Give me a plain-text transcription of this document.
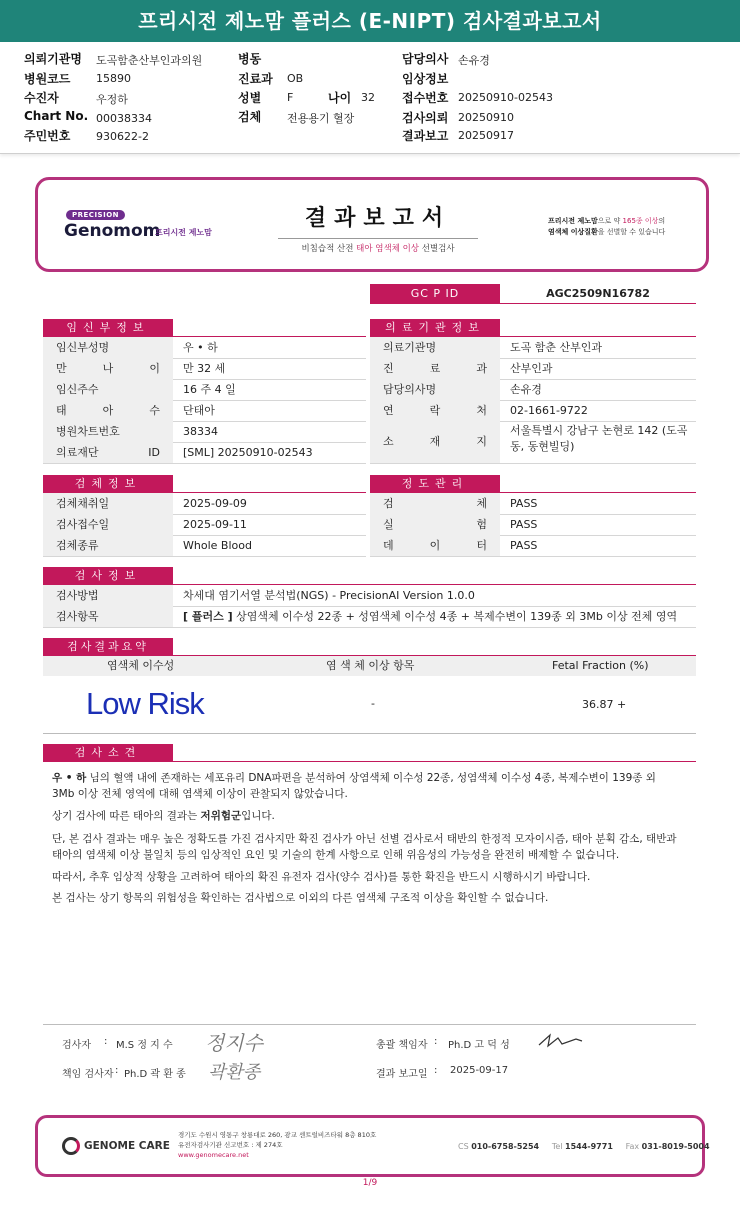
프리시전 제노맘 플러스 (E-NIPT) 검사결과보고서
의뢰기관명 도곡함춘산부인과의원
병원코드 15890
수진자	우정하
Chart No. 00038334
주민번호 930622-2
병동
진료과 OB
성별 F	나이 32
검체 전용용기 혈장
담당의사 손유경
임상정보
접수번호 20250910-02543
검사의뢰 20250910
결과보고 20250917
PRECISION
Genomom
프리시전 제노맘
결과보고서
비침습적 산전 태아 염색체 이상 선별검사
프리시전 제노맘으로 약 165종 이상의
염색체 이상질환을 선별할 수 있습니다
GC P ID	AGC2509N16782
임신부정보	의료기관정보
임신부성명	우 • 하
만 나 이	만 32 세
임신주수	16 주 4 일
태 아 수	단태아
병원차트번호	38334
의료재단 ID	[SML] 20250910-02543
의료기관명	도곡 함춘 산부인과
진 료 과	산부인과
담당의사명	손유경
연 락 처	02-1661-9722
소 재 지
서울특별시 강남구 논현로 142 (도곡
동, 동현빌딩)
검체정보	정도관리
검체채취일	2025-09-09
검사접수일	2025-09-11
검체종류	Whole Blood
검 체	PASS
실 험	PASS
데 이 터	PASS
검사정보
검사방법	차세대 염기서열 분석법(NGS) - PrecisionAI Version 1.0.0
검사항목	[ 플러스 ] 상염색체 이수성 22종 + 성염색체 이수성 4종 + 복제수변이 139종 외 3Mb 이상 전체 영역
검사결과요약
염색체 이수성	염 색 체 이상 항목	Fetal Fraction (%)
Low Risk	-	36.87 +
검사소견
우 • 하 님의 혈액 내에 존재하는 세포유리 DNA파편을 분석하여 상염색체 이수성 22종, 성염색체 이수성 4종, 복제수변이 139종 외
3Mb 이상 전체 영역에 대해 염색체 이상이 관찰되지 않았습니다.
상기 검사에 따른 태아의 결과는 저위험군입니다.
단, 본 검사 결과는 매우 높은 정확도를 가진 검사지만 확진 검사가 아닌 선별 검사로서 태반의 한정적 모자이시즘, 태아 분획 감소, 태반과
태아의 염색체 이상 불일치 등의 임상적인 요인 및 기술의 한계 사항으로 인해 위음성의 가능성을 완전히 배제할 수 없습니다.
따라서, 추후 임상적 상황을 고려하여 태아의 확진 유전자 검사(양수 검사)를 통한 확진을 반드시 시행하시기 바랍니다.
본 검사는 상기 항목의 위험성을 확인하는 검사법으로 이외의 다른 염색체 구조적 이상을 확인할 수 없습니다.
검사자 : M.S 정 지 수 정지수
책임 검사자 : Ph.D 곽 환 종 곽환종
총괄 책임자 : Ph.D 고 덕 성
결과 보고일 : 2025-09-17
GENOME CARE
경기도 수원시 영통구 창룡대로 260, 광교 센트럴비즈타워 8층 810호
유전자검사기관 신고번호 : 제 274호
www.genomecare.net
CS 010-6758-5254 Tel 1544-9771 Fax 031-8019-5004
1/9
